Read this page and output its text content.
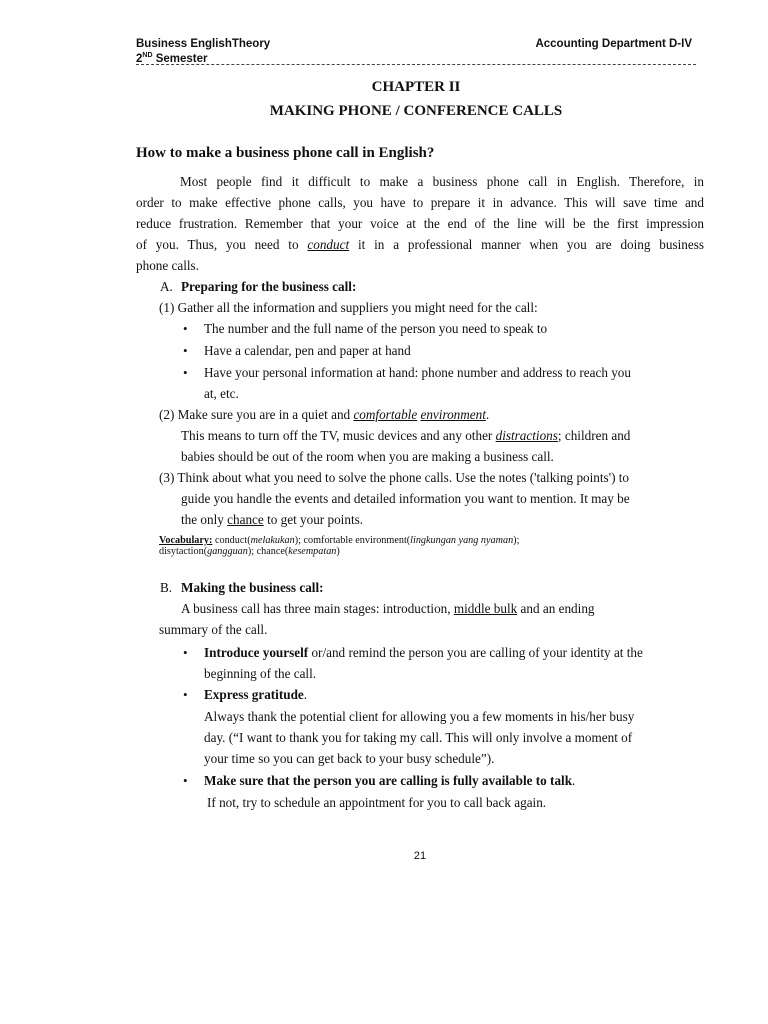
Business EnglishTheory	Accounting Department D-IV
2ND Semester
CHAPTER II
MAKING PHONE / CONFERENCE CALLS
How to make a business phone call in English?
Most people find it difficult to make a business phone call in English. Therefore, in
order to make effective phone calls, you have to prepare it in advance. This will save time and
reduce frustration. Remember that your voice at the end of the line will be the first impression
of you. Thus, you need to conduct it in a professional manner when you are doing business
phone calls.
A. Preparing for the business call:
(1) Gather all the information and suppliers you might need for the call:
• The number and the full name of the person you need to speak to
• Have a calendar, pen and paper at hand
• Have your personal information at hand: phone number and address to reach you
at, etc.
(2) Make sure you are in a quiet and comfortable environment.
This means to turn off the TV, music devices and any other distractions; children and
babies should be out of the room when you are making a business call.
(3) Think about what you need to solve the phone calls. Use the notes ('talking points') to
guide you handle the events and detailed information you want to mention. It may be
the only chance to get your points.
Vocabulary: conduct(melakukan); comfortable environment(lingkungan yang nyaman);
disytaction(gangguan); chance(kesempatan)
B. Making the business call:
A business call has three main stages: introduction, middle bulk and an ending
summary of the call.
• Introduce yourself or/and remind the person you are calling of your identity at the
beginning of the call.
• Express gratitude.
Always thank the potential client for allowing you a few moments in his/her busy
day. (“I want to thank you for taking my call. This will only involve a moment of
your time so you can get back to your busy schedule”).
• Make sure that the person you are calling is fully available to talk.
If not, try to schedule an appointment for you to call back again.
21
